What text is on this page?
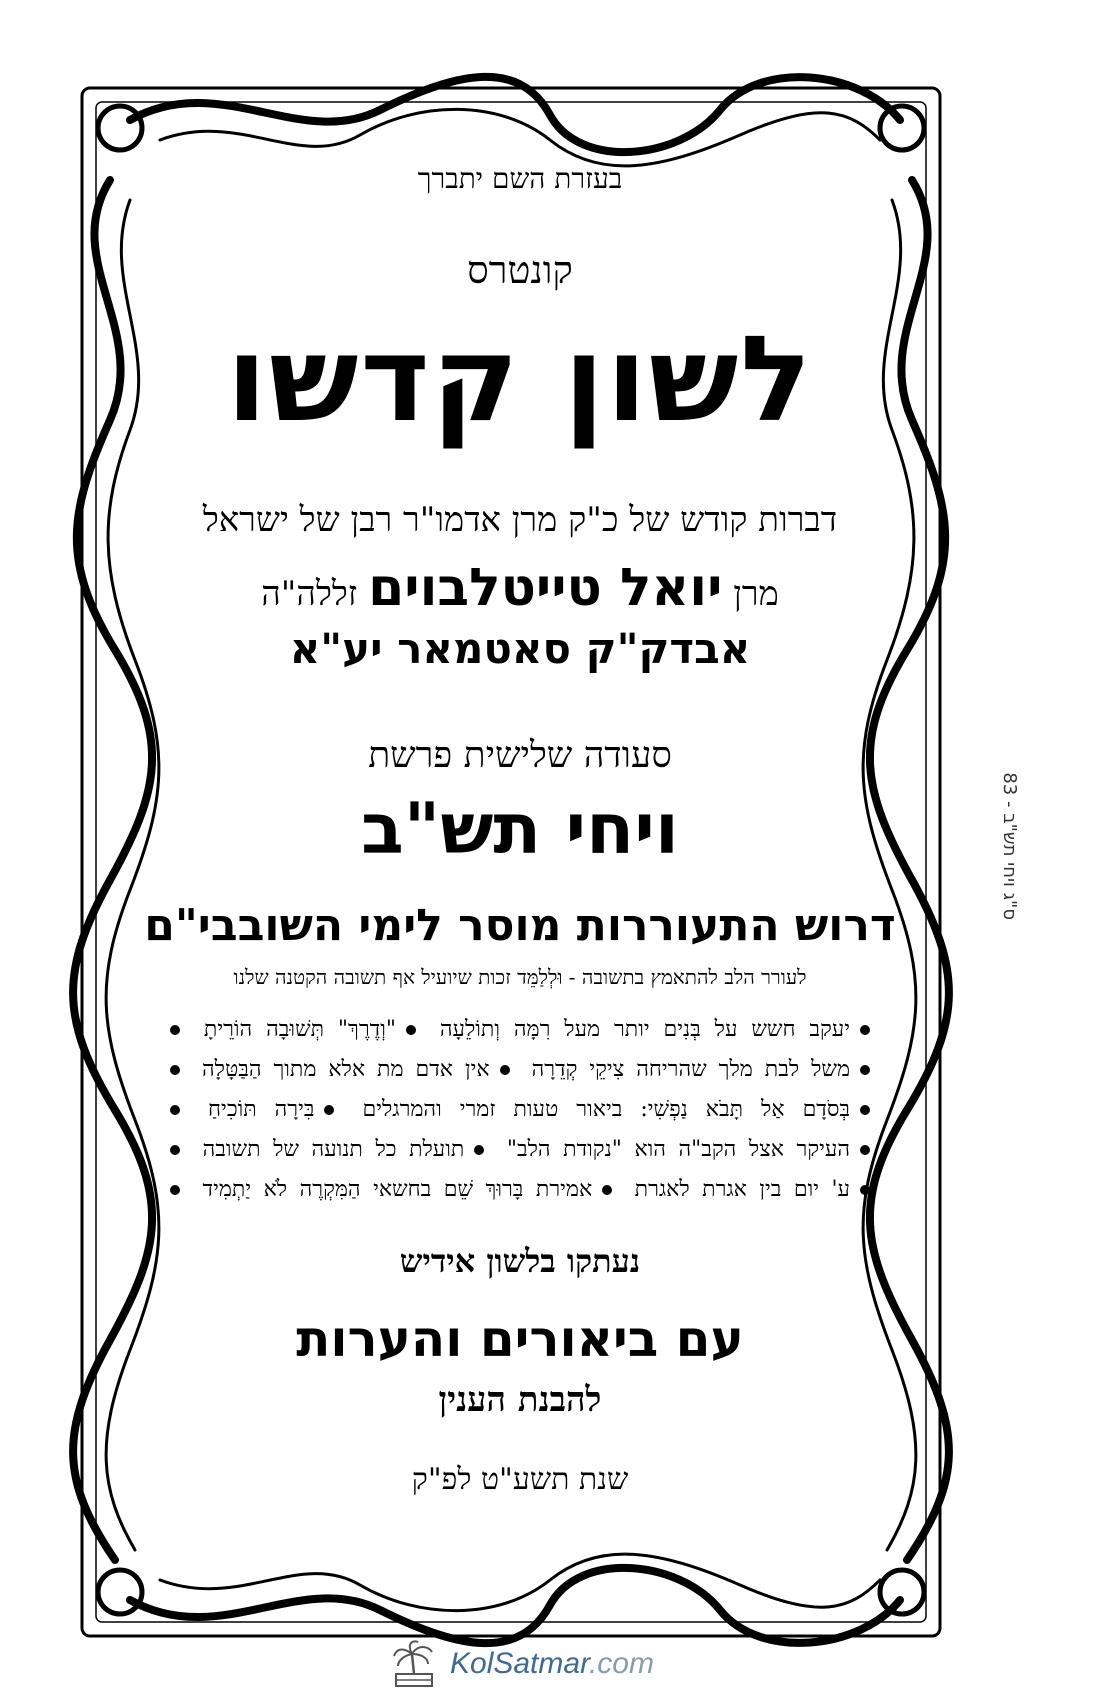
בעזרת השם יתברך
קונטרס
לשון קדשו
דברות קודש של כ"ק מרן אדמו"ר רבן של ישראל
מרן יואל טייטלבוים זללה"ה
אבדק"ק סאטמאר יע"א
סעודה שלישית פרשת
ויחי תש"ב
דרוש התעוררות מוסר לימי השובבי"ם
לעורר הלב להתאמץ בתשובה - וּלְלַמֵּד זכות שיועיל אף תשובה הקטנה שלנו
יעקב חשש על בְּנִים יותר מעל רִמָּה וְתוֹלֵעָה "וְדֶרֶךְ" תְּשׁוּבָה הוֹרֵיתָ
משל לבת מלך שהריחה צִיקֵי קְדֵרָה אין אדם מת אלא מתוך הַבַּטָּלָה
בְּסֹדָם אַל תָּבֹא נַפְשִׁי: ביאור טעות זמרי והמרגלים בִּירָה תּוֹכִיחַ
העיקר אצל הקב"ה הוא "נקודת הלב" תועלת כל תנועה של תשובה
ע' יום בין אגרת לאגרת אמירת בָּרוּךְ שֵׁם בחשאי הַמִּקְרֶה לֹא יַתְמִיד
נעתקו בלשון אידיש
עם ביאורים והערות
להבנת הענין
שנת תשע"ט לפ"ק
ס"ג ויחי תש"ב - 83
KolSatmar.com
